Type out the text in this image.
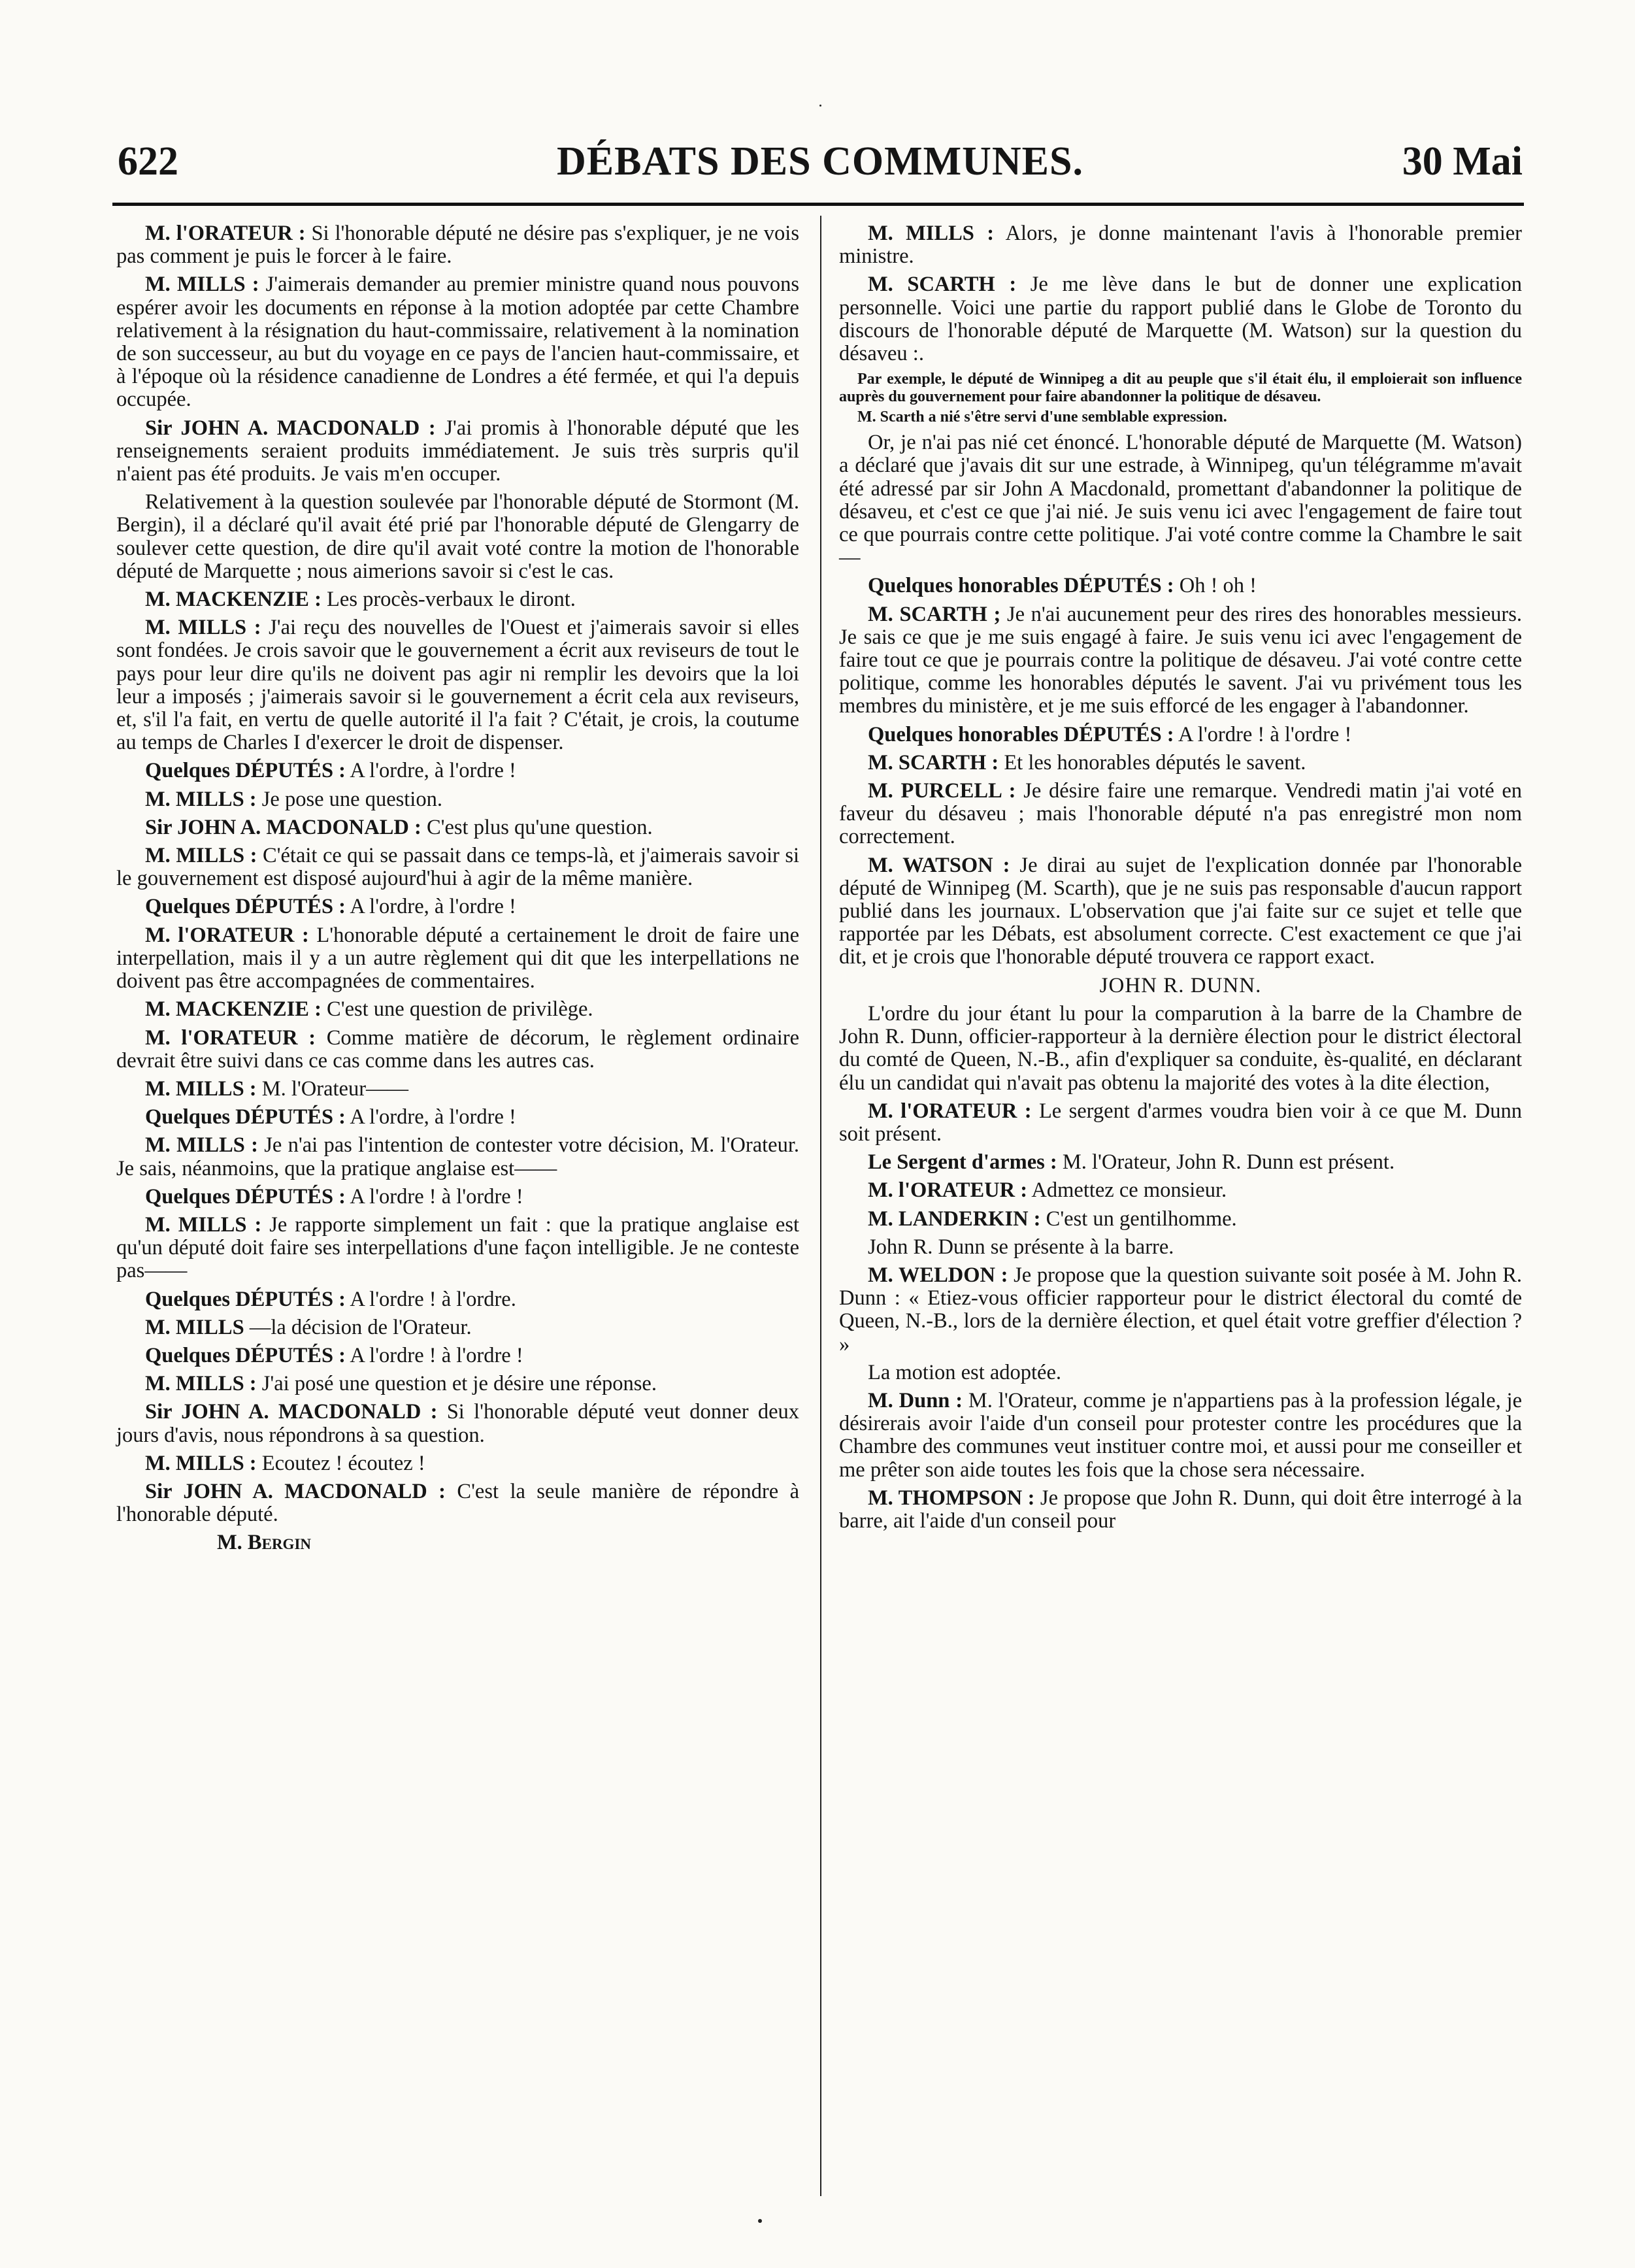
622	DÉBATS DES COMMUNES.	30 Mai

M. l'ORATEUR : Si l'honorable député ne désire pas s'expliquer, je ne vois pas comment je puis le forcer à le faire.

M. MILLS : J'aimerais demander au premier ministre quand nous pouvons espérer avoir les documents en réponse à la motion adoptée par cette Chambre relativement à la résignation du haut-commissaire, relativement à la nomination de son successeur, au but du voyage en ce pays de l'ancien haut-commissaire, et à l'époque où la résidence canadienne de Londres a été fermée, et qui l'a depuis occupée.

Sir JOHN A. MACDONALD : J'ai promis à l'honorable député que les renseignements seraient produits immédiatement. Je suis très surpris qu'il n'aient pas été produits. Je vais m'en occuper.

Relativement à la question soulevée par l'honorable député de Stormont (M. Bergin), il a déclaré qu'il avait été prié par l'honorable député de Glengarry de soulever cette question, de dire qu'il avait voté contre la motion de l'honorable député de Marquette ; nous aimerions savoir si c'est le cas.

M. MACKENZIE : Les procès-verbaux le diront.

M. MILLS : J'ai reçu des nouvelles de l'Ouest et j'aimerais savoir si elles sont fondées. Je crois savoir que le gouvernement a écrit aux reviseurs de tout le pays pour leur dire qu'ils ne doivent pas agir ni remplir les devoirs que la loi leur a imposés ; j'aimerais savoir si le gouvernement a écrit cela aux reviseurs, et, s'il l'a fait, en vertu de quelle autorité il l'a fait ? C'était, je crois, la coutume au temps de Charles I d'exercer le droit de dispenser.

Quelques DÉPUTÉS : A l'ordre, à l'ordre !

M. MILLS : Je pose une question.

Sir JOHN A. MACDONALD : C'est plus qu'une question.

M. MILLS : C'était ce qui se passait dans ce temps-là, et j'aimerais savoir si le gouvernement est disposé aujourd'hui à agir de la même manière.

Quelques DÉPUTÉS : A l'ordre, à l'ordre !

M. l'ORATEUR : L'honorable député a certainement le droit de faire une interpellation, mais il y a un autre règlement qui dit que les interpellations ne doivent pas être accompagnées de commentaires.

M. MACKENZIE : C'est une question de privilège.

M. l'ORATEUR : Comme matière de décorum, le règlement ordinaire devrait être suivi dans ce cas comme dans les autres cas.

M. MILLS : M. l'Orateur——

Quelques DÉPUTÉS : A l'ordre, à l'ordre !

M. MILLS : Je n'ai pas l'intention de contester votre décision, M. l'Orateur. Je sais, néanmoins, que la pratique anglaise est——

Quelques DÉPUTÉS : A l'ordre ! à l'ordre !

M. MILLS : Je rapporte simplement un fait : que la pratique anglaise est qu'un député doit faire ses interpellations d'une façon intelligible. Je ne conteste pas——

Quelques DÉPUTÉS : A l'ordre ! à l'ordre.

M. MILLS —la décision de l'Orateur.

Quelques DÉPUTÉS : A l'ordre ! à l'ordre !

M. MILLS : J'ai posé une question et je désire une réponse.

Sir JOHN A. MACDONALD : Si l'honorable député veut donner deux jours d'avis, nous répondrons à sa question.

M. MILLS : Ecoutez ! écoutez !

Sir JOHN A. MACDONALD : C'est la seule manière de répondre à l'honorable député.

M. Bergin

M. MILLS : Alors, je donne maintenant l'avis à l'honorable premier ministre.

M. SCARTH : Je me lève dans le but de donner une explication personnelle. Voici une partie du rapport publié dans le Globe de Toronto du discours de l'honorable député de Marquette (M. Watson) sur la question du désaveu :.

Par exemple, le député de Winnipeg a dit au peuple que s'il était élu, il emploierait son influence auprès du gouvernement pour faire abandonner la politique de désaveu.

M. Scarth a nié s'être servi d'une semblable expression.

Or, je n'ai pas nié cet énoncé. L'honorable député de Marquette (M. Watson) a déclaré que j'avais dit sur une estrade, à Winnipeg, qu'un télégramme m'avait été adressé par sir John A Macdonald, promettant d'abandonner la politique de désaveu, et c'est ce que j'ai nié. Je suis venu ici avec l'engagement de faire tout ce que pourrais contre cette politique. J'ai voté contre comme la Chambre le sait —

Quelques honorables DÉPUTÉS : Oh ! oh !

M. SCARTH ; Je n'ai aucunement peur des rires des honorables messieurs. Je sais ce que je me suis engagé à faire. Je suis venu ici avec l'engagement de faire tout ce que je pourrais contre la politique de désaveu. J'ai voté contre cette politique, comme les honorables députés le savent. J'ai vu privément tous les membres du ministère, et je me suis efforcé de les engager à l'abandonner.

Quelques honorables DÉPUTÉS : A l'ordre ! à l'ordre !

M. SCARTH : Et les honorables députés le savent.

M. PURCELL : Je désire faire une remarque. Vendredi matin j'ai voté en faveur du désaveu ; mais l'honorable député n'a pas enregistré mon nom correctement.

M. WATSON : Je dirai au sujet de l'explication donnée par l'honorable député de Winnipeg (M. Scarth), que je ne suis pas responsable d'aucun rapport publié dans les journaux. L'observation que j'ai faite sur ce sujet et telle que rapportée par les Débats, est absolument correcte. C'est exactement ce que j'ai dit, et je crois que l'honorable député trouvera ce rapport exact.

JOHN R. DUNN.

L'ordre du jour étant lu pour la comparution à la barre de la Chambre de John R. Dunn, officier-rapporteur à la dernière élection pour le district électoral du comté de Queen, N.-B., afin d'expliquer sa conduite, ès-qualité, en déclarant élu un candidat qui n'avait pas obtenu la majorité des votes à la dite élection,

M. l'ORATEUR : Le sergent d'armes voudra bien voir à ce que M. Dunn soit présent.

Le Sergent d'armes : M. l'Orateur, John R. Dunn est présent.

M. l'ORATEUR : Admettez ce monsieur.

M. LANDERKIN : C'est un gentilhomme.

John R. Dunn se présente à la barre.

M. WELDON : Je propose que la question suivante soit posée à M. John R. Dunn : « Etiez-vous officier rapporteur pour le district électoral du comté de Queen, N.-B., lors de la dernière élection, et quel était votre greffier d'élection ? »

La motion est adoptée.

M. Dunn : M. l'Orateur, comme je n'appartiens pas à la profession légale, je désirerais avoir l'aide d'un conseil pour protester contre les procédures que la Chambre des communes veut instituer contre moi, et aussi pour me conseiller et me prêter son aide toutes les fois que la chose sera nécessaire.

M. THOMPSON : Je propose que John R. Dunn, qui doit être interrogé à la barre, ait l'aide d'un conseil pour
